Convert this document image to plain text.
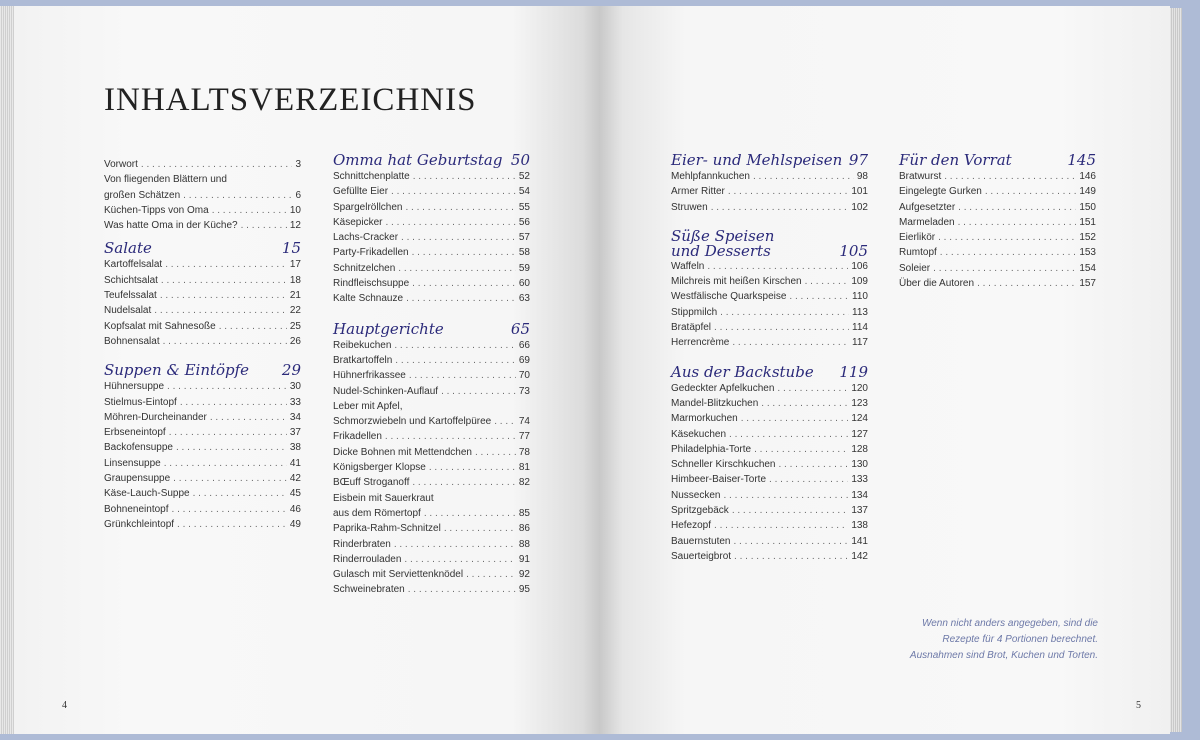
INHALTSVERZEICHNIS
Vorwort . . .	3
Von fliegenden Blättern und
großen Schätzen . . .	6
Küchen-Tipps von Oma . . .	10
Was hatte Oma in der Küche? . . .	12
Salate	15
Kartoffelsalat . . .	17
Schichtsalat . . .	18
Teufelssalat . . .	21
Nudelsalat . . .	22
Kopfsalat mit Sahnesoße . . .	25
Bohnensalat . . .	26
Suppen & Eintöpfe 29
Hühnersuppe . . .	30
Stielmus-Eintopf . . .	33
Möhren-Durcheinander . . .	34
Erbseneintopf . . .	37
Backofensuppe . . .	38
Linsensuppe . . .	41
Graupensuppe . . .	42
Käse-Lauch-Suppe . . .	45
Bohneneintopf . . .	46
Grünkchleintopf . . .	49
Omma hat Geburtstag 50
Schnittchenplatte . . .	52
Gefüllte Eier . . .	54
Spargelröllchen . . .	55
Käsepicker . . .	56
Lachs-Cracker . . .	57
Party-Frikadellen . . .	58
Schnitzelchen . . .	59
Rindfleischsuppe . . .	60
Kalte Schnauze . . .	63
Hauptgerichte	65
Reibekuchen . . .	66
Bratkartoffeln . . .	69
Hühnerfrikassee . . .	70
Nudel-Schinken-Auflauf . . .	73
Leber mit Apfel,
Schmorzwiebeln und Kartoffelpüree . . .	74
Frikadellen . . .	77
Dicke Bohnen mit Mettendchen . . .	78
Königsberger Klopse . . .	81
BŒuff Stroganoff . . .	82
Eisbein mit Sauerkraut
aus dem Römertopf . . .	85
Paprika-Rahm-Schnitzel . . .	86
Rinderbraten . . .	88
Rinderrouladen . . .	91
Gulasch mit Serviettenknödel . . .	92
Schweinebraten . . .	95
Eier- und Mehlspeisen 97
Mehlpfannkuchen . . .	98
Armer Ritter . . .	101
Struwen . . .	102
Süße Speisen
und Desserts	105
Waffeln . . .	106
Milchreis mit heißen Kirschen . . .	109
Westfälische Quarkspeise . . .	110
Stippmilch . . .	113
Bratäpfel . . .	114
Herrencrème . . .	117
Aus der Backstube 119
Gedeckter Apfelkuchen . . .	120
Mandel-Blitzkuchen . . .	123
Marmorkuchen . . .	124
Käsekuchen . . .	127
Philadelphia-Torte . . .	128
Schneller Kirschkuchen . . .	130
Himbeer-Baiser-Torte . . .	133
Nussecken . . .	134
Spritzgebäck . . .	137
Hefezopf . . .	138
Bauernstuten . . .	141
Sauerteigbrot . . .	142
Für den Vorrat	145
Bratwurst . . .	146
Eingelegte Gurken . . .	149
Aufgesetzter . . .	150
Marmeladen . . .	151
Eierlikör . . .	152
Rumtopf . . .	153
Soleier . . .	154
Über die Autoren . . .	157
Wenn nicht anders angegeben, sind die
Rezepte für 4 Portionen berechnet.
Ausnahmen sind Brot, Kuchen und Torten.
4	5
